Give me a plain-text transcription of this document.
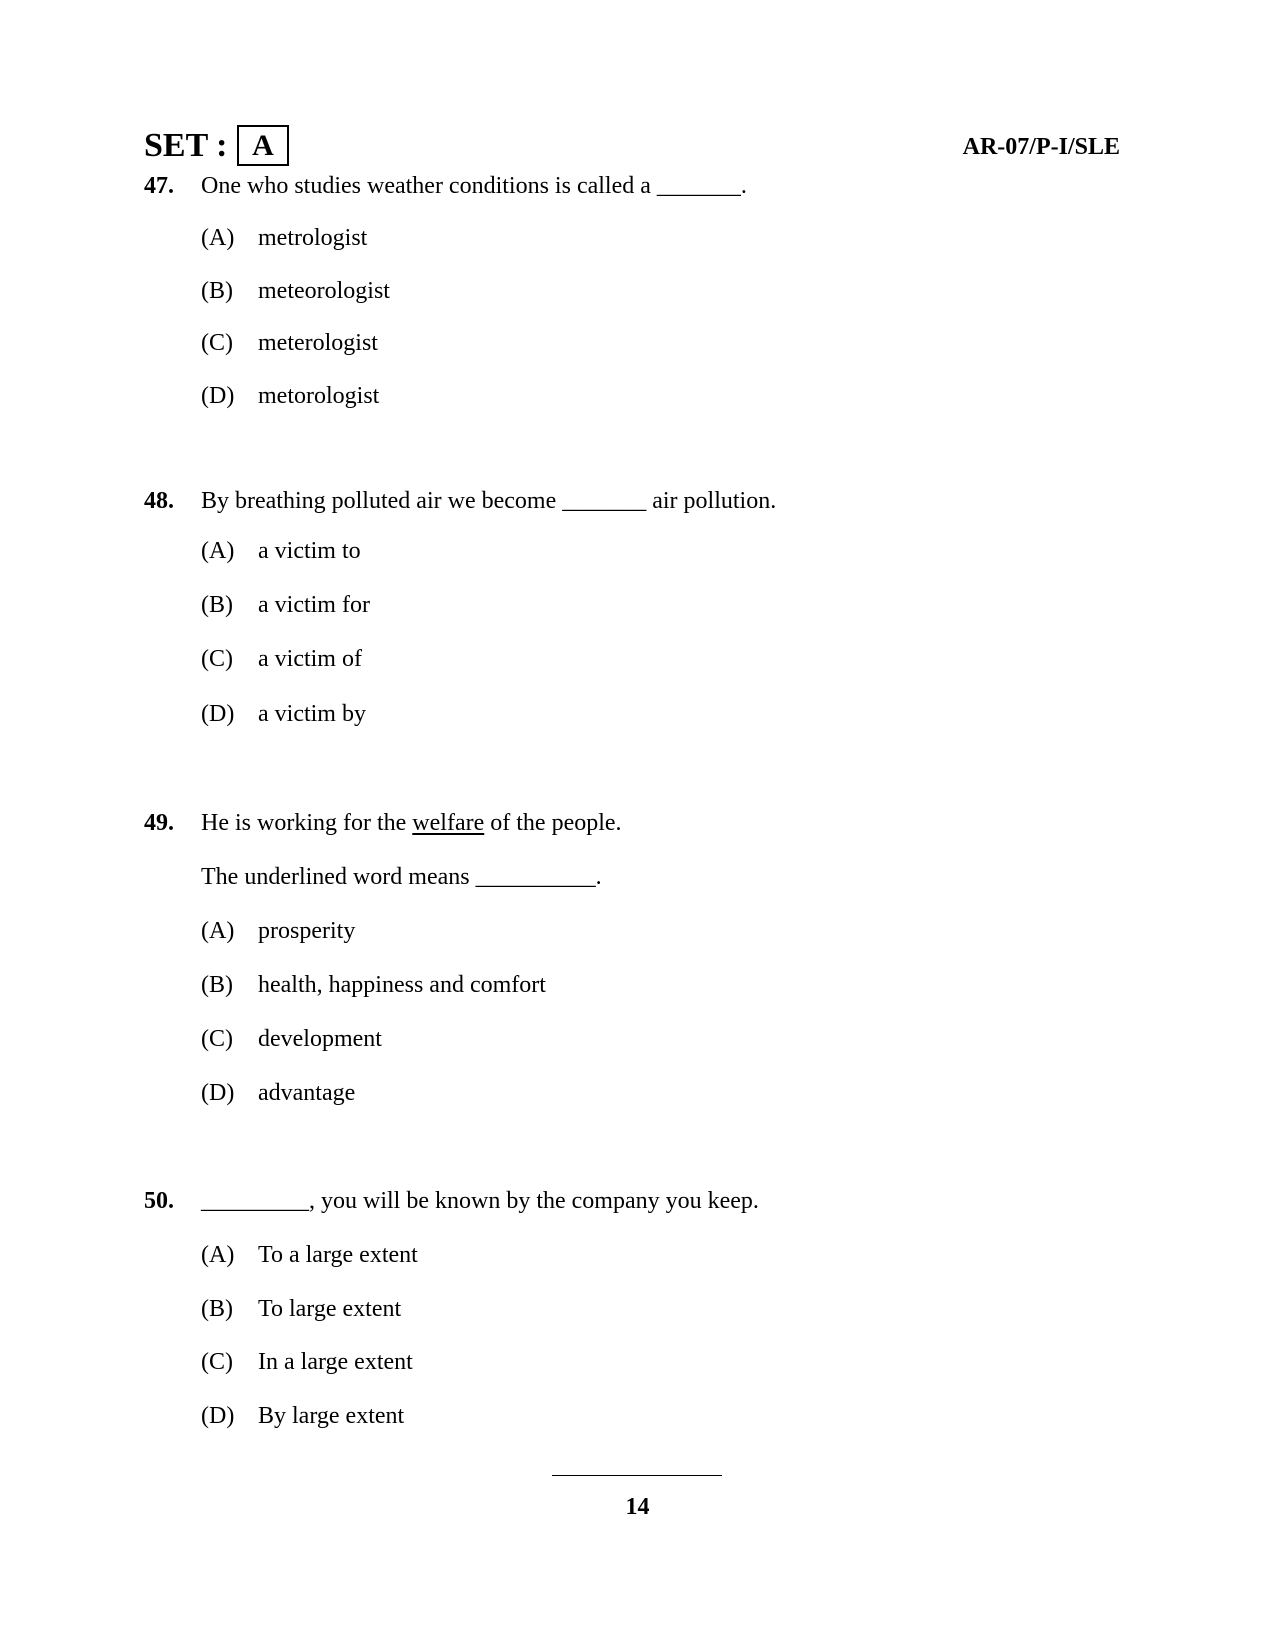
SET : A	AR-07/P-I/SLE
47. One who studies weather conditions is called a _______.
(A) metrologist
(B) meteorologist
(C) meterologist
(D) metorologist
48. By breathing polluted air we become _______ air pollution.
(A) a victim to
(B) a victim for
(C) a victim of
(D) a victim by
49. He is working for the welfare of the people.
The underlined word means __________.
(A) prosperity
(B) health, happiness and comfort
(C) development
(D) advantage
50. _________, you will be known by the company you keep.
(A) To a large extent
(B) To large extent
(C) In a large extent
(D) By large extent
14
